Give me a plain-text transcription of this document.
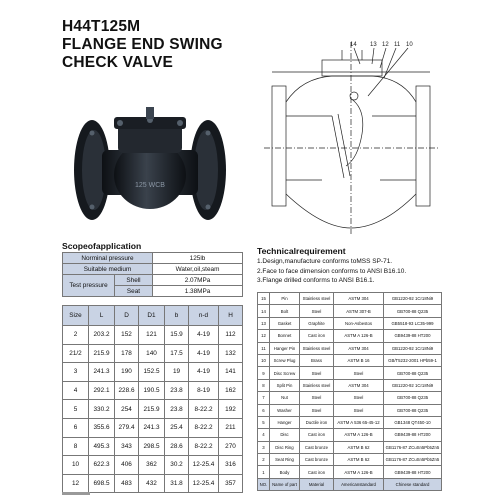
H44T125M
FLANGE END SWING
CHECK VALVE
125 WCB
14 13 12 11 10
Scopeofapplication
Norminal pressure	125lb
Suitable medium	Water,oil,steam
Test pressure	Shell	2.07MPa
	Seat	1.38MPa
Size	L	D	D1	b	n-d	H
2	203.2	152	121	15.9	4-19	112
21/2	215.9	178	140	17.5	4-19	132
3	241.3	190	152.5	19	4-19	141
4	292.1	228.6	190.5	23.8	8-19	162
5	330.2	254	215.9	23.8	8-22.2	192
6	355.6	279.4	241.3	25.4	8-22.2	211
8	495.3	343	298.5	28.6	8-22.2	270
10	622.3	406	362	30.2	12-25.4	316
12	698.5	483	432	31.8	12-25.4	357
Technicalrequirement
1.Design,manufacture conforms toMSS SP-71.
2.Face to face dimension conforms to ANSI B16.10.
3.Flange drilled conforms to ANSI B16.1.
15	Pin	Stainless steel	ASTM 304	GB1220-92 1Cr18Ni9
14	Bolt	Steel	ASTM 307-B	GB700-88 Q235
13	Gasket	Graphite	Non-Asbestos	GB5518-93 LC35-999
12	Bonnet	Cast iron	ASTM A 126-B	GB9439-88 HT200
11	Hanger Pin	Stainless steel	ASTM 304	GB1220-92 1Cr18Ni9
10	Screw Plug	Brass	ASTM B 16	GB/T5232-2001 HPb59-1
9	Disc Screw	Steel	Steel	GB700-88 Q235
8	Split Pin	Stainless steel	ASTM 304	GB1220-92 1Cr18Ni9
7	Nut	Steel	Steel	GB700-88 Q235
6	Washer	Steel	Steel	GB700-88 Q235
5	Hanger	Ductile iron	ASTM A 536 65-45-12	GB1348 QT450-10
4	Disc	Cast iron	ASTM A 126-B	GB9439-88 HT200
3	Disc Ring	Cast bronze	ASTM B 62	GB1176-87 ZCuSn5Pb5Zn5
2	Seat Ring	Cast bronze	ASTM B 62	GB1176-87 ZCuSn5Pb5Zn5
1	Body	Cast iron	ASTM A 126-B	GB9439-88 HT200
NO.	Name of part	Material	Americanstandard	Chinese standard
